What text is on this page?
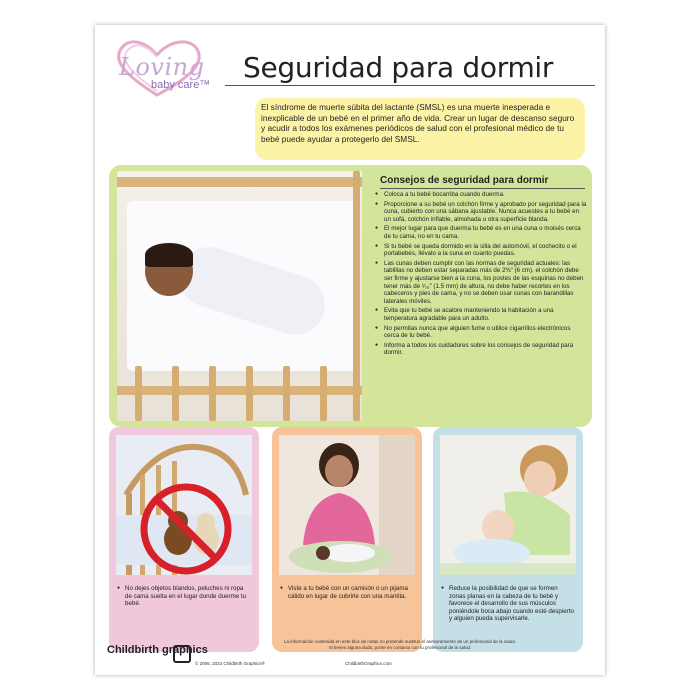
Loving
baby care™
Seguridad para dormir
El síndrome de muerte súbita del lactante (SMSL) es una muerte inesperada e inexplicable de un bebé en el primer año de vida. Crear un lugar de descanso seguro y acudir a todos los exámenes periódicos de salud con el profesional médico de tu bebé puede ayudar a protegerlo del SMSL.
Consejos de seguridad para dormir
● Coloca a tu bebé bocarriba cuando duerma.
● Proporcione a su bebé un colchón firme y aprobado por seguridad para la cuna, cubierto con una sábana ajustable. Nunca acuestes a tu bebé en un sofá, colchón inflable, almohada u otra superficie blanda.
● El mejor lugar para que duerma tu bebé es en una cuna o moisés cerca de tu cama, no en tu cama.
● Si tu bebé se queda dormido en la silla del automóvil, el cochecito o el portabebés, llévalo a la cuna en cuanto puedas.
● Las cunas deben cumplir con las normas de seguridad actuales: las tablillas no deben estar separadas más de 2⅜″ (6 cm), el colchón debe ser firme y ajustarse bien a la cuna, los postes de las esquinas no deben tener más de ¹⁄₁₆″ (1.5 mm) de altura, no debe haber recortes en los cabeceros y pies de cama, y no se deben usar cunas con barandillas laterales móviles.
● Evita que tu bebé se acalore manteniendo la habitación a una temperatura agradable para un adulto.
● No permitas nunca que alguien fume o utilice cigarrillos electrónicos cerca de tu bebé.
● Informa a todos los cuidadores sobre los consejos de seguridad para dormir.
● No dejes objetos blandos, peluches ni ropa de cama suelta en el lugar donde duerme tu bebé.
● Viste a tu bebé con un camisón o un pijama cálido en lugar de cubrirle con una mantita.
● Reduce la posibilidad de que se formen zonas planas en la cabeza de tu bebé y favorece el desarrollo de sus músculos poniéndole boca abajo cuando esté despierto y alguien pueda supervisarle.
Childbirth graphics
La información contenida en este bloc de notas no pretende sustituir el asesoramiento de un profesional de la salud.
Si tienes alguna duda, ponte en contacto con tu profesional de la salud.
© 2006, 2023 Childbirth Graphics®	ChildbirthGraphics.com
